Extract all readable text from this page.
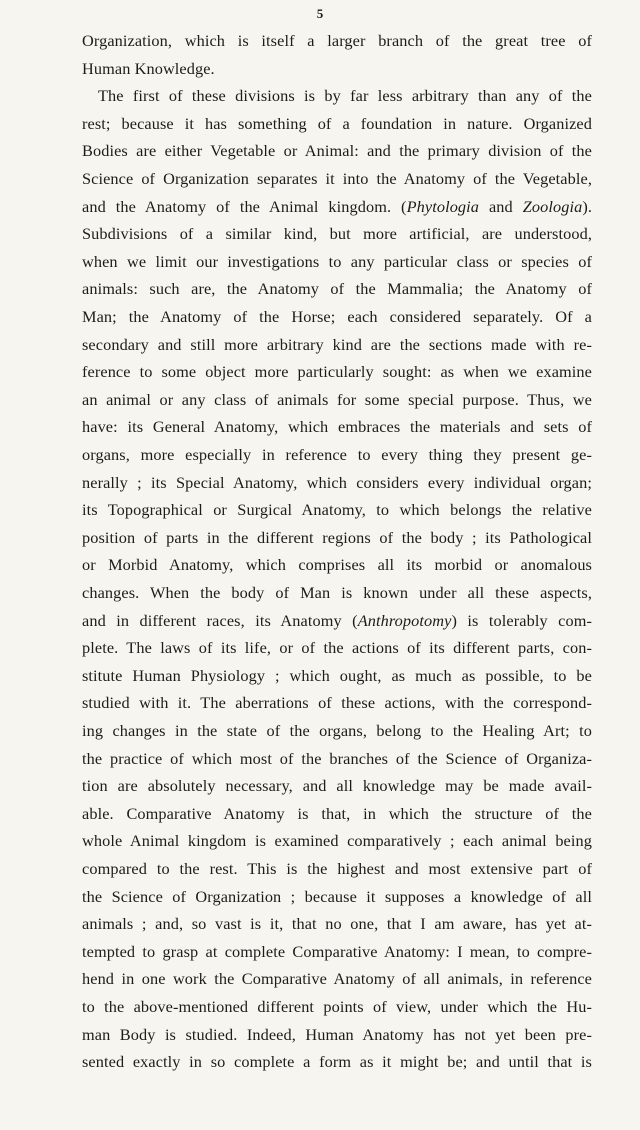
5
Organization, which is itself a larger branch of the great tree of
Human Knowledge.
The first of these divisions is by far less arbitrary than any of the
rest; because it has something of a foundation in nature. Organized
Bodies are either Vegetable or Animal: and the primary division of the
Science of Organization separates it into the Anatomy of the Vegetable,
and the Anatomy of the Animal kingdom. (Phytologia and Zoologia).
Subdivisions of a similar kind, but more artificial, are understood,
when we limit our investigations to any particular class or species of
animals: such are, the Anatomy of the Mammalia; the Anatomy of
Man; the Anatomy of the Horse; each considered separately. Of a
secondary and still more arbitrary kind are the sections made with re-
ference to some object more particularly sought: as when we examine
an animal or any class of animals for some special purpose. Thus, we
have: its General Anatomy, which embraces the materials and sets of
organs, more especially in reference to every thing they present ge-
nerally ; its Special Anatomy, which considers every individual organ;
its Topographical or Surgical Anatomy, to which belongs the relative
position of parts in the different regions of the body ; its Pathological
or Morbid Anatomy, which comprises all its morbid or anomalous
changes. When the body of Man is known under all these aspects,
and in different races, its Anatomy (Anthropotomy) is tolerably com-
plete. The laws of its life, or of the actions of its different parts, con-
stitute Human Physiology ; which ought, as much as possible, to be
studied with it. The aberrations of these actions, with the correspond-
ing changes in the state of the organs, belong to the Healing Art; to
the practice of which most of the branches of the Science of Organiza-
tion are absolutely necessary, and all knowledge may be made avail-
able. Comparative Anatomy is that, in which the structure of the
whole Animal kingdom is examined comparatively ; each animal being
compared to the rest. This is the highest and most extensive part of
the Science of Organization ; because it supposes a knowledge of all
animals ; and, so vast is it, that no one, that I am aware, has yet at-
tempted to grasp at complete Comparative Anatomy: I mean, to compre-
hend in one work the Comparative Anatomy of all animals, in reference
to the above-mentioned different points of view, under which the Hu-
man Body is studied. Indeed, Human Anatomy has not yet been pre-
sented exactly in so complete a form as it might be; and until that is
